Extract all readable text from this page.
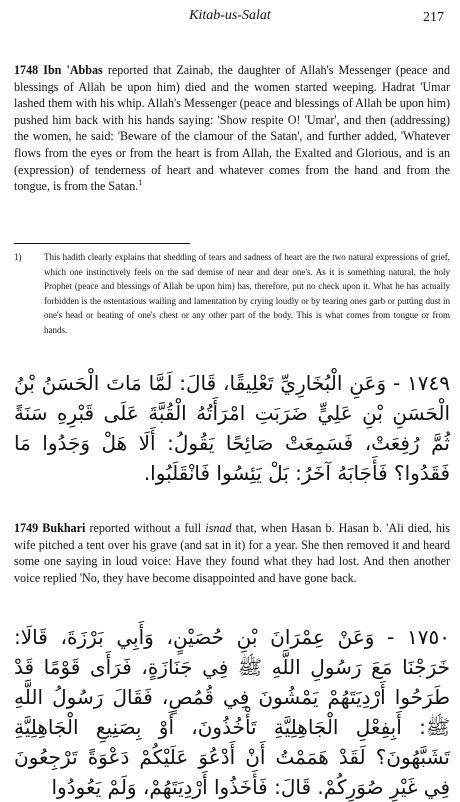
Kitab-us-Salat	217
1748 Ibn 'Abbas reported that Zainab, the daughter of Allah's Messenger (peace and blessings of Allah be upon him) died and the women started weeping. Hadrat 'Umar lashed them with his whip. Allah's Messenger (peace and blessings of Allah be upon him) pushed him back with his hands saying: 'Show respite O! 'Umar', and then (addressing) the women, he said: 'Beware of the clamour of the Satan', and further added, 'Whatever flows from the eyes or from the heart is from Allah, the Exalted and Glorious, and is an (expression) of tenderness of heart and whatever comes from the hand and from the tongue, is from the Satan.$^1$
1)	This hadith clearly explains that shedding of tears and sadness of heart are the two natural expressions of grief, which one instinctively feels on the sad demise of near and dear one's. As it is something natural, the holy Prophet (peace and blessings of Allah be upon him) has, therefore, put no check upon it. What he has actually forbidden is the ostentatious wailing and lamentation by crying loudly or by tearing ones garb or putting dust in one's head or beating of one's chest or any other part of the body. This is what comes from tongue or from hands.
١٧٤٩ - وَعَنِ الْبُخَارِيِّ تَعْلِيقًا، قَالَ: لَمَّا مَاتَ الْحَسَنُ بْنُ الْحَسَنِ بْنِ عَلِيٍّ ضَرَبَتِ امْرَأَتُهُ الْقُبَّةَ عَلَى قَبْرِهِ سَنَةً ثُمَّ رُفِعَتْ، فَسَمِعَتْ صَائِحًا يَقُولُ: أَلَا هَلْ وَجَدُوا مَا فَقَدُوا؟ فَأَجَابَهُ آخَرُ: بَلْ يَئِسُوا فَانْقَلَبُوا.
1749 Bukhari reported without a full isnad that, when Hasan b. Hasan b. 'Ali died, his wife pitched a tent over his grave (and sat in it) for a year. She then removed it and heard some one saying in loud voice: Have they found what they had lost. And then another voice replied 'No, they have become disappointed and have gone back.
١٧٥٠ - وَعَنْ عِمْرَانَ بْنِ حُصَيْنٍ، وَأَبِي بَرْزَةَ، قَالَا: خَرَجْنَا مَعَ رَسُولِ اللَّهِ ﷺ فِي جَنَازَةٍ، فَرَأَى قَوْمًا قَدْ طَرَحُوا أَرْدِيَتَهُمْ يَمْشُونَ فِي قُمُصٍ، فَقَالَ رَسُولُ اللَّهِ ﷺ: أَبِفِعْلِ الْجَاهِلِيَّةِ تَأْخُذُونَ، أَوْ بِصَنِيعِ الْجَاهِلِيَّةِ تَشَبَّهُونَ؟ لَقَدْ هَمَمْتُ أَنْ أَدْعُوَ عَلَيْكُمْ دَعْوَةً تَرْجِعُونَ فِي غَيْرِ صُوَرِكُمْ. قَالَ: فَأَخَذُوا أَرْدِيَتَهُمْ، وَلَمْ يَعُودُوا
